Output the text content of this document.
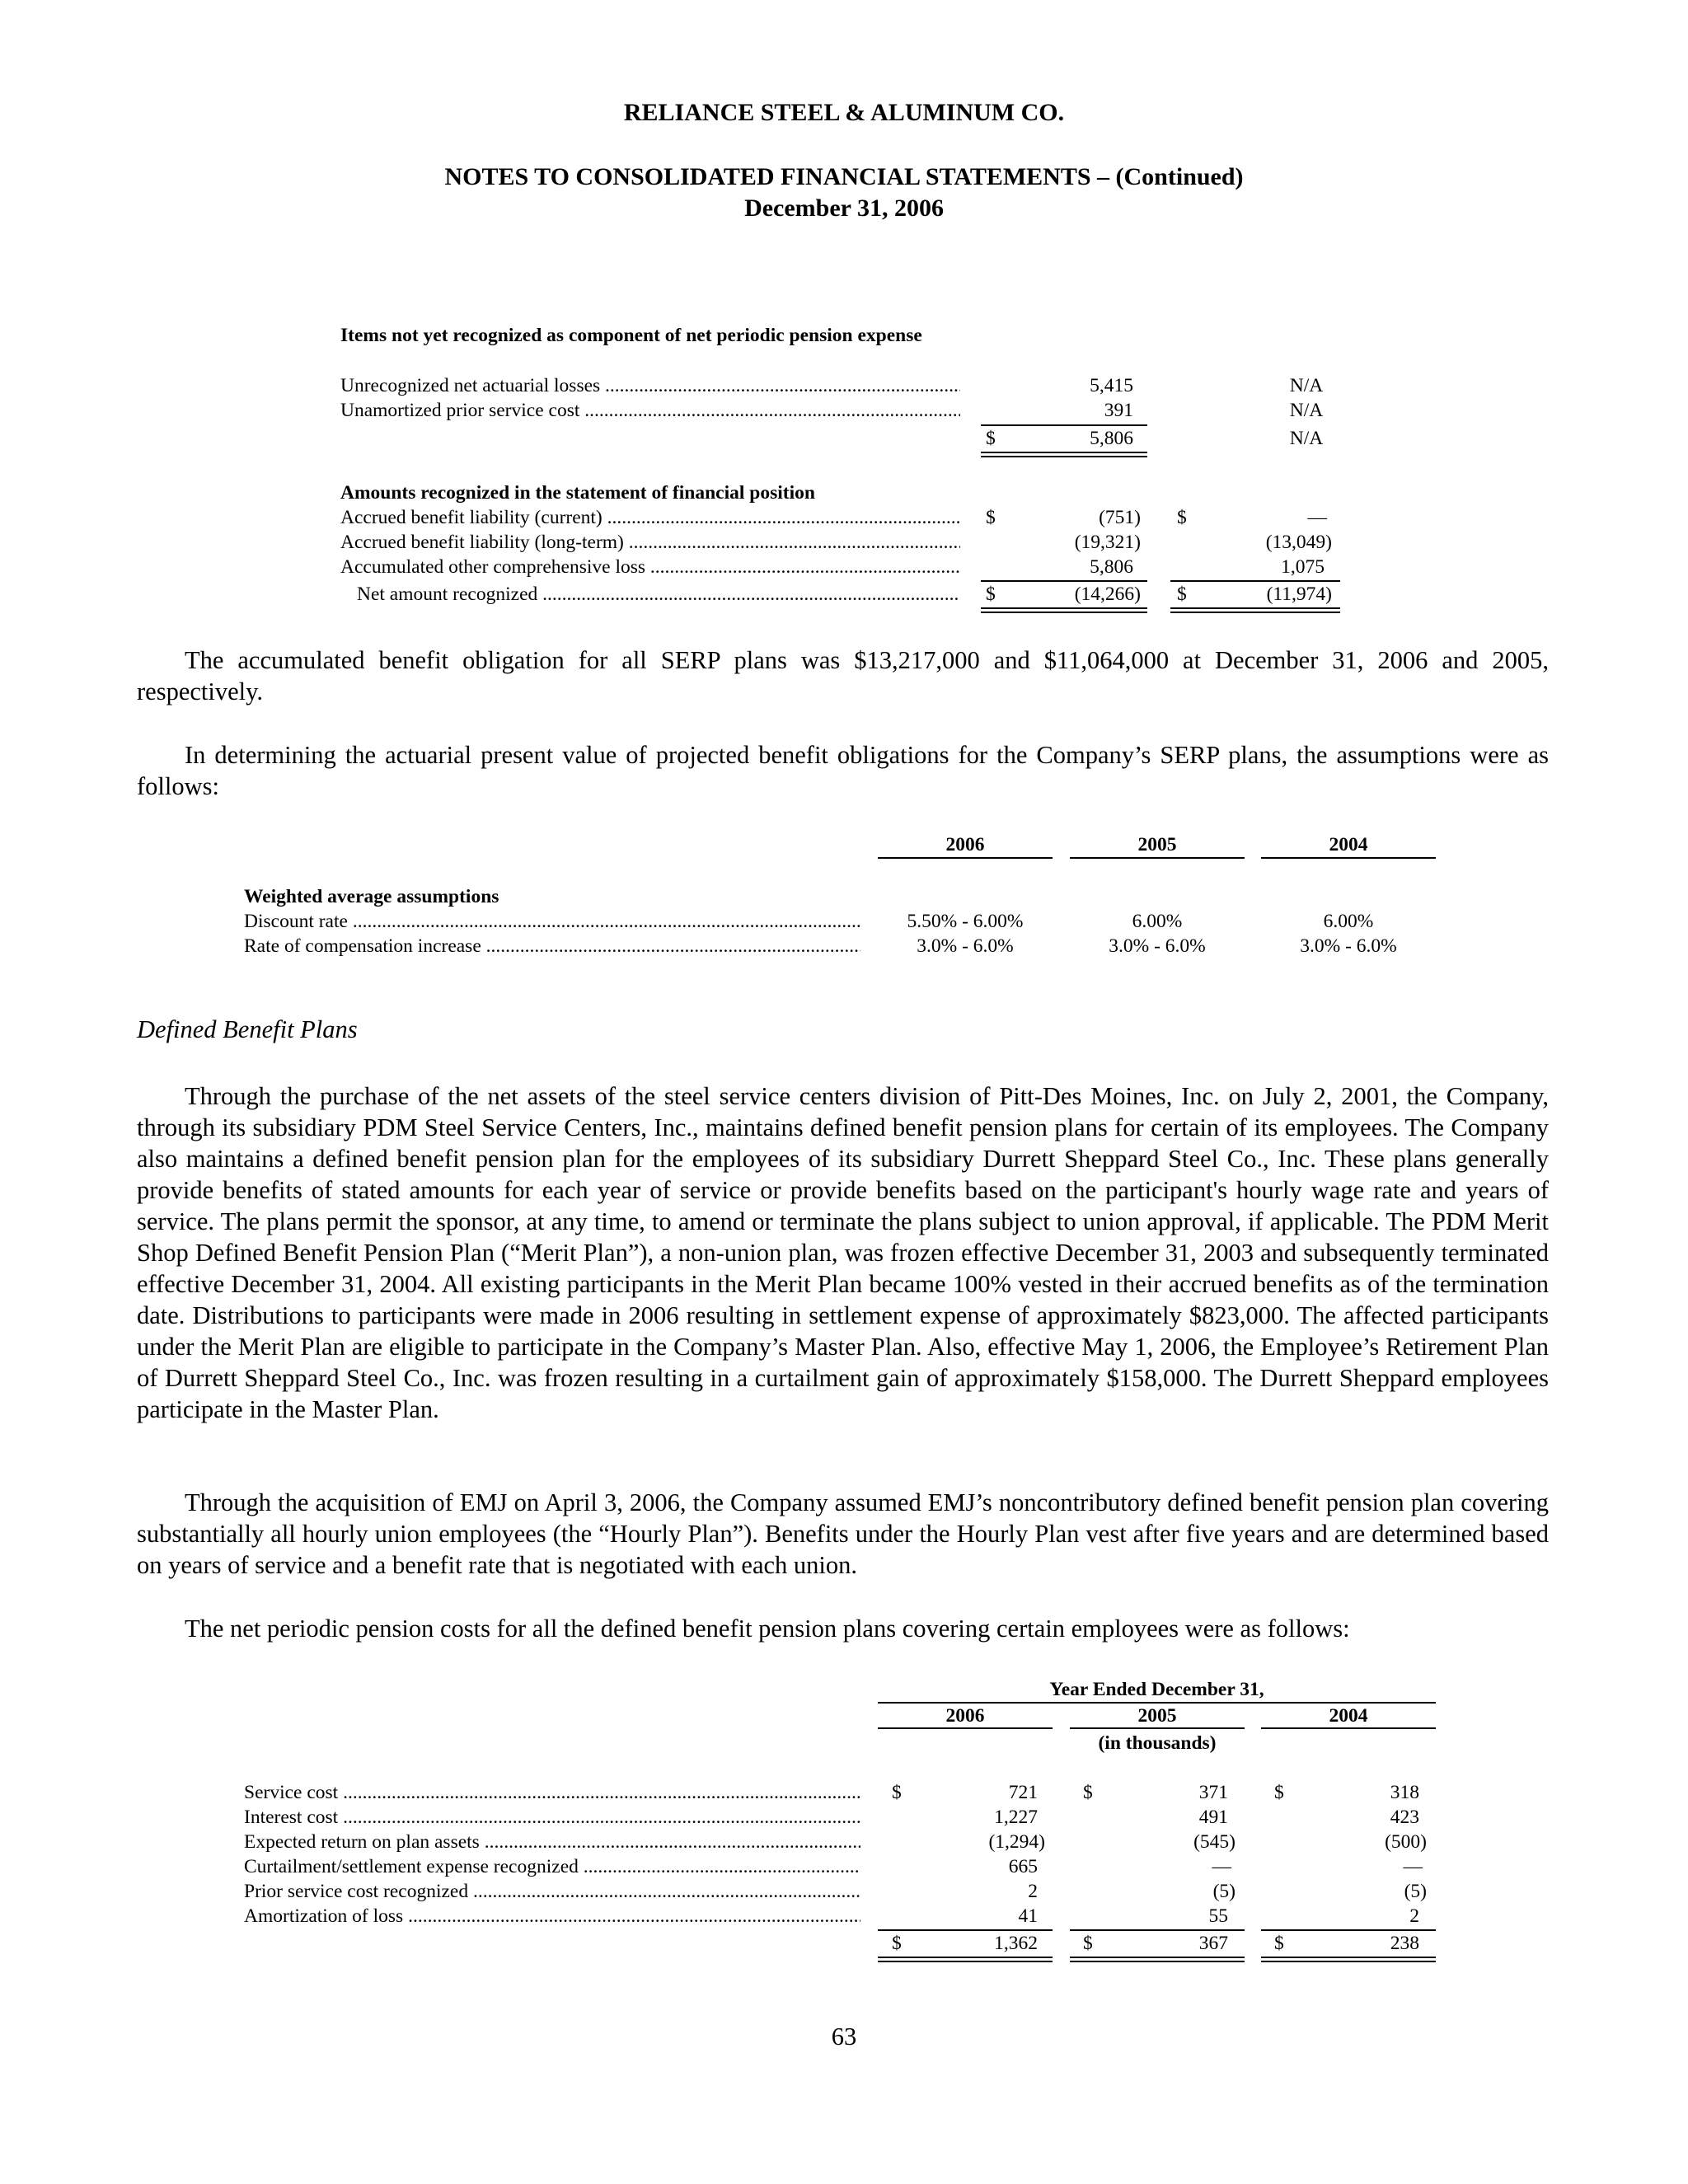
RELIANCE STEEL & ALUMINUM CO.
NOTES TO CONSOLIDATED FINANCIAL STATEMENTS – (Continued)
December 31, 2006
Items not yet recognized as component of net periodic pension expense
Unrecognized net actuarial losses .....	5,415	N/A
Unamortized prior service cost .....	391	N/A
$	5,806	N/A
Amounts recognized in the statement of financial position
Accrued benefit liability (current) .....	$	(751) $	—
Accrued benefit liability (long-term) .....	(19,321)	(13,049)
Accumulated other comprehensive loss .....	5,806	1,075
Net amount recognized .....	$	(14,266) $	(11,974)
The accumulated benefit obligation for all SERP plans was $13,217,000 and $11,064,000 at December 31, 2006 and 2005, respectively.
In determining the actuarial present value of projected benefit obligations for the Company’s SERP plans, the assumptions were as follows:
2006	2005	2004
Weighted average assumptions
Discount rate .....	5.50% - 6.00%	6.00%	6.00%
Rate of compensation increase .....	3.0% - 6.0%	3.0% - 6.0%	3.0% - 6.0%
Defined Benefit Plans
Through the purchase of the net assets of the steel service centers division of Pitt-Des Moines, Inc. on July 2, 2001, the Company, through its subsidiary PDM Steel Service Centers, Inc., maintains defined benefit pension plans for certain of its employees. The Company also maintains a defined benefit pension plan for the employees of its subsidiary Durrett Sheppard Steel Co., Inc. These plans generally provide benefits of stated amounts for each year of service or provide benefits based on the participant's hourly wage rate and years of service. The plans permit the sponsor, at any time, to amend or terminate the plans subject to union approval, if applicable. The PDM Merit Shop Defined Benefit Pension Plan (“Merit Plan”), a non-union plan, was frozen effective December 31, 2003 and subsequently terminated effective December 31, 2004. All existing participants in the Merit Plan became 100% vested in their accrued benefits as of the termination date. Distributions to participants were made in 2006 resulting in settlement expense of approximately $823,000. The affected participants under the Merit Plan are eligible to participate in the Company’s Master Plan. Also, effective May 1, 2006, the Employee’s Retirement Plan of Durrett Sheppard Steel Co., Inc. was frozen resulting in a curtailment gain of approximately $158,000. The Durrett Sheppard employees participate in the Master Plan.
Through the acquisition of EMJ on April 3, 2006, the Company assumed EMJ’s noncontributory defined benefit pension plan covering substantially all hourly union employees (the “Hourly Plan”). Benefits under the Hourly Plan vest after five years and are determined based on years of service and a benefit rate that is negotiated with each union.
The net periodic pension costs for all the defined benefit pension plans covering certain employees were as follows:
Year Ended December 31,
2006	2005	2004
(in thousands)
Service cost .....	$	721 $	371 $	318
Interest cost .....	1,227	491	423
Expected return on plan assets .....	(1,294)	(545)	(500)
Curtailment/settlement expense recognized .....	665	—	—
Prior service cost recognized .....	2	(5)	(5)
Amortization of loss .....	41	55	2
$	1,362 $	367 $	238
63
